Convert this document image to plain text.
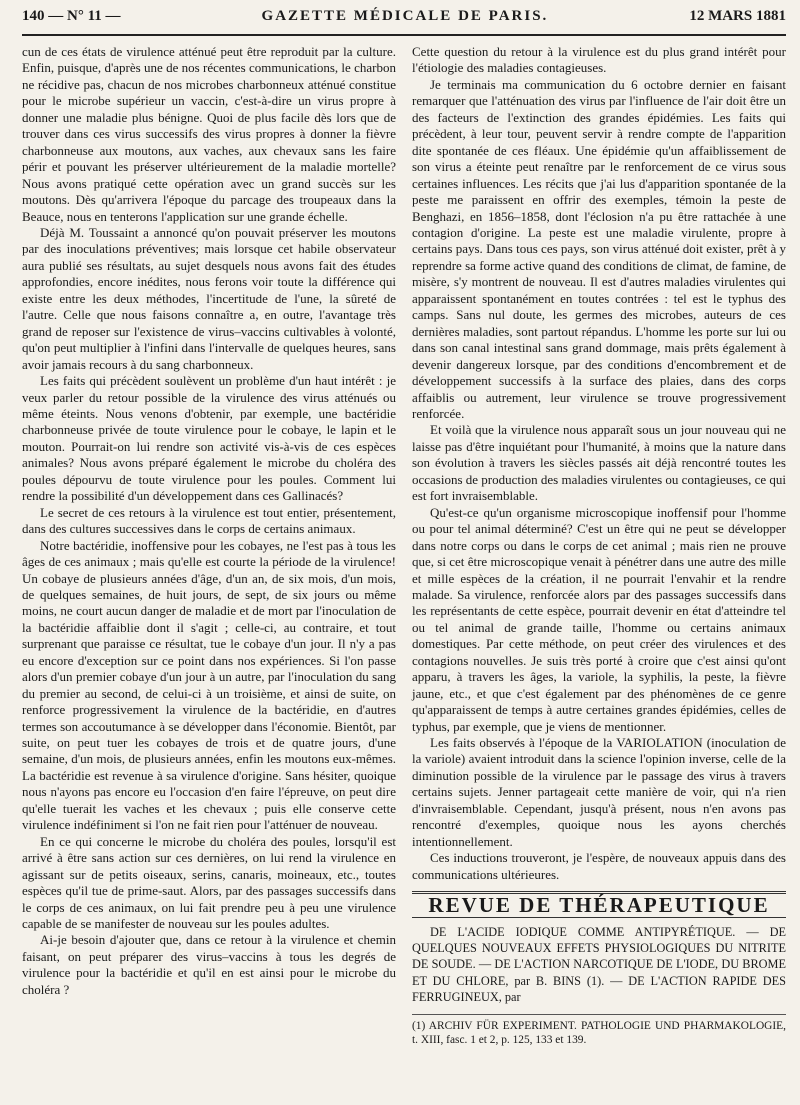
140 — N° 11 —	GAZETTE MÉDICALE DE PARIS.	12 MARS 1881

cun de ces états de virulence atténué peut être reproduit par la culture. Enfin, puisque, d'après une de nos récentes communications, le charbon ne récidive pas, chacun de nos microbes charbonneux atténué constitue pour le microbe supérieur un vaccin, c'est-à-dire un virus propre à donner une maladie plus bénigne. Quoi de plus facile dès lors que de trouver dans ces virus successifs des virus propres à donner la fièvre charbonneuse aux moutons, aux vaches, aux chevaux sans les faire périr et pouvant les préserver ultérieurement de la maladie mortelle? Nous avons pratiqué cette opération avec un grand succès sur les moutons. Dès qu'arrivera l'époque du parcage des troupeaux dans la Beauce, nous en tenterons l'application sur une grande échelle.

Déjà M. Toussaint a annoncé qu'on pouvait préserver les moutons par des inoculations préventives; mais lorsque cet habile observateur aura publié ses résultats, au sujet desquels nous avons fait des études approfondies, encore inédites, nous ferons voir toute la différence qui existe entre les deux méthodes, l'incertitude de l'une, la sûreté de l'autre. Celle que nous faisons connaître a, en outre, l'avantage très grand de reposer sur l'existence de virus–vaccins cultivables à volonté, qu'on peut multiplier à l'infini dans l'intervalle de quelques heures, sans avoir jamais recours à du sang charbonneux.

Les faits qui précèdent soulèvent un problème d'un haut intérêt : je veux parler du retour possible de la virulence des virus atténués ou même éteints. Nous venons d'obtenir, par exemple, une bactéridie charbonneuse privée de toute virulence pour le cobaye, le lapin et le mouton. Pourrait-on lui rendre son activité vis-à-vis de ces espèces animales? Nous avons préparé également le microbe du choléra des poules dépourvu de toute virulence pour les poules. Comment lui rendre la possibilité d'un développement dans ces Gallinacés?

Le secret de ces retours à la virulence est tout entier, présentement, dans des cultures successives dans le corps de certains animaux.

Notre bactéridie, inoffensive pour les cobayes, ne l'est pas à tous les âges de ces animaux ; mais qu'elle est courte la période de la virulence! Un cobaye de plusieurs années d'âge, d'un an, de six mois, d'un mois, de quelques semaines, de huit jours, de sept, de six jours ou même moins, ne court aucun danger de maladie et de mort par l'inoculation de la bactéridie affaiblie dont il s'agit ; celle-ci, au contraire, et tout surprenant que paraisse ce résultat, tue le cobaye d'un jour. Il n'y a pas eu encore d'exception sur ce point dans nos expériences. Si l'on passe alors d'un premier cobaye d'un jour à un autre, par l'inoculation du sang du premier au second, de celui-ci à un troisième, et ainsi de suite, on renforce progressivement la virulence de la bactéridie, en d'autres termes son accoutumance à se développer dans l'économie. Bientôt, par suite, on peut tuer les cobayes de trois et de quatre jours, d'une semaine, d'un mois, de plusieurs années, enfin les moutons eux-mêmes. La bactéridie est revenue à sa virulence d'origine. Sans hésiter, quoique nous n'ayons pas encore eu l'occasion d'en faire l'épreuve, on peut dire qu'elle tuerait les vaches et les chevaux ; puis elle conserve cette virulence indéfiniment si l'on ne fait rien pour l'atténuer de nouveau.

En ce qui concerne le microbe du choléra des poules, lorsqu'il est arrivé à être sans action sur ces dernières, on lui rend la virulence en agissant sur de petits oiseaux, serins, canaris, moineaux, etc., toutes espèces qu'il tue de prime-saut. Alors, par des passages successifs dans le corps de ces animaux, on lui fait prendre peu à peu une virulence capable de se manifester de nouveau sur les poules adultes.

Ai-je besoin d'ajouter que, dans ce retour à la virulence et chemin faisant, on peut préparer des virus–vaccins à tous les degrés de virulence pour la bactéridie et qu'il en est ainsi pour le microbe du choléra ?

Cette question du retour à la virulence est du plus grand intérêt pour l'étiologie des maladies contagieuses.

Je terminais ma communication du 6 octobre dernier en faisant remarquer que l'atténuation des virus par l'influence de l'air doit être un des facteurs de l'extinction des grandes épidémies. Les faits qui précèdent, à leur tour, peuvent servir à rendre compte de l'apparition dite spontanée de ces fléaux. Une épidémie qu'un affaiblissement de son virus a éteinte peut renaître par le renforcement de ce virus sous certaines influences. Les récits que j'ai lus d'apparition spontanée de la peste me paraissent en offrir des exemples, témoin la peste de Benghazi, en 1856–1858, dont l'éclosion n'a pu être rattachée à une contagion d'origine. La peste est une maladie virulente, propre à certains pays. Dans tous ces pays, son virus atténué doit exister, prêt à y reprendre sa forme active quand des conditions de climat, de famine, de misère, s'y montrent de nouveau. Il est d'autres maladies virulentes qui apparaissent spontanément en toutes contrées : tel est le typhus des camps. Sans nul doute, les germes des microbes, auteurs de ces dernières maladies, sont partout répandus. L'homme les porte sur lui ou dans son canal intestinal sans grand dommage, mais prêts également à devenir dangereux lorsque, par des conditions d'encombrement et de développement successifs à la surface des plaies, dans des corps affaiblis ou autrement, leur virulence se trouve progressivement renforcée.

Et voilà que la virulence nous apparaît sous un jour nouveau qui ne laisse pas d'être inquiétant pour l'humanité, à moins que la nature dans son évolution à travers les siècles passés ait déjà rencontré toutes les occasions de production des maladies virulentes ou contagieuses, ce qui est fort invraisemblable.

Qu'est-ce qu'un organisme microscopique inoffensif pour l'homme ou pour tel animal déterminé? C'est un être qui ne peut se développer dans notre corps ou dans le corps de cet animal ; mais rien ne prouve que, si cet être microscopique venait à pénétrer dans une autre des mille et mille espèces de la création, il ne pourrait l'envahir et la rendre malade. Sa virulence, renforcée alors par des passages successifs dans les représentants de cette espèce, pourrait devenir en état d'atteindre tel ou tel animal de grande taille, l'homme ou certains animaux domestiques. Par cette méthode, on peut créer des virulences et des contagions nouvelles. Je suis très porté à croire que c'est ainsi qu'ont apparu, à travers les âges, la variole, la syphilis, la peste, la fièvre jaune, etc., et que c'est également par des phénomènes de ce genre qu'apparaissent de temps à autre certaines grandes épidémies, celles de typhus, par exemple, que je viens de mentionner.

Les faits observés à l'époque de la VARIOLATION (inoculation de la variole) avaient introduit dans la science l'opinion inverse, celle de la diminution possible de la virulence par le passage des virus à travers certains sujets. Jenner partageait cette manière de voir, qui n'a rien d'invraisemblable. Cependant, jusqu'à présent, nous n'en avons pas rencontré d'exemples, quoique nous les ayons cherchés intentionnellement.

Ces inductions trouveront, je l'espère, de nouveaux appuis dans des communications ultérieures.

REVUE DE THÉRAPEUTIQUE

DE L'ACIDE IODIQUE COMME ANTIPYRÉTIQUE. — DE QUELQUES NOUVEAUX EFFETS PHYSIOLOGIQUES DU NITRITE DE SOUDE. — DE L'ACTION NARCOTIQUE DE L'IODE, DU BROME ET DU CHLORE, par B. BINS (1). — DE L'ACTION RAPIDE DES FERRUGINEUX, par

(1) ARCHIV FÜR EXPERIMENT. PATHOLOGIE UND PHARMAKOLOGIE, t. XIII, fasc. 1 et 2, p. 125, 133 et 139.
